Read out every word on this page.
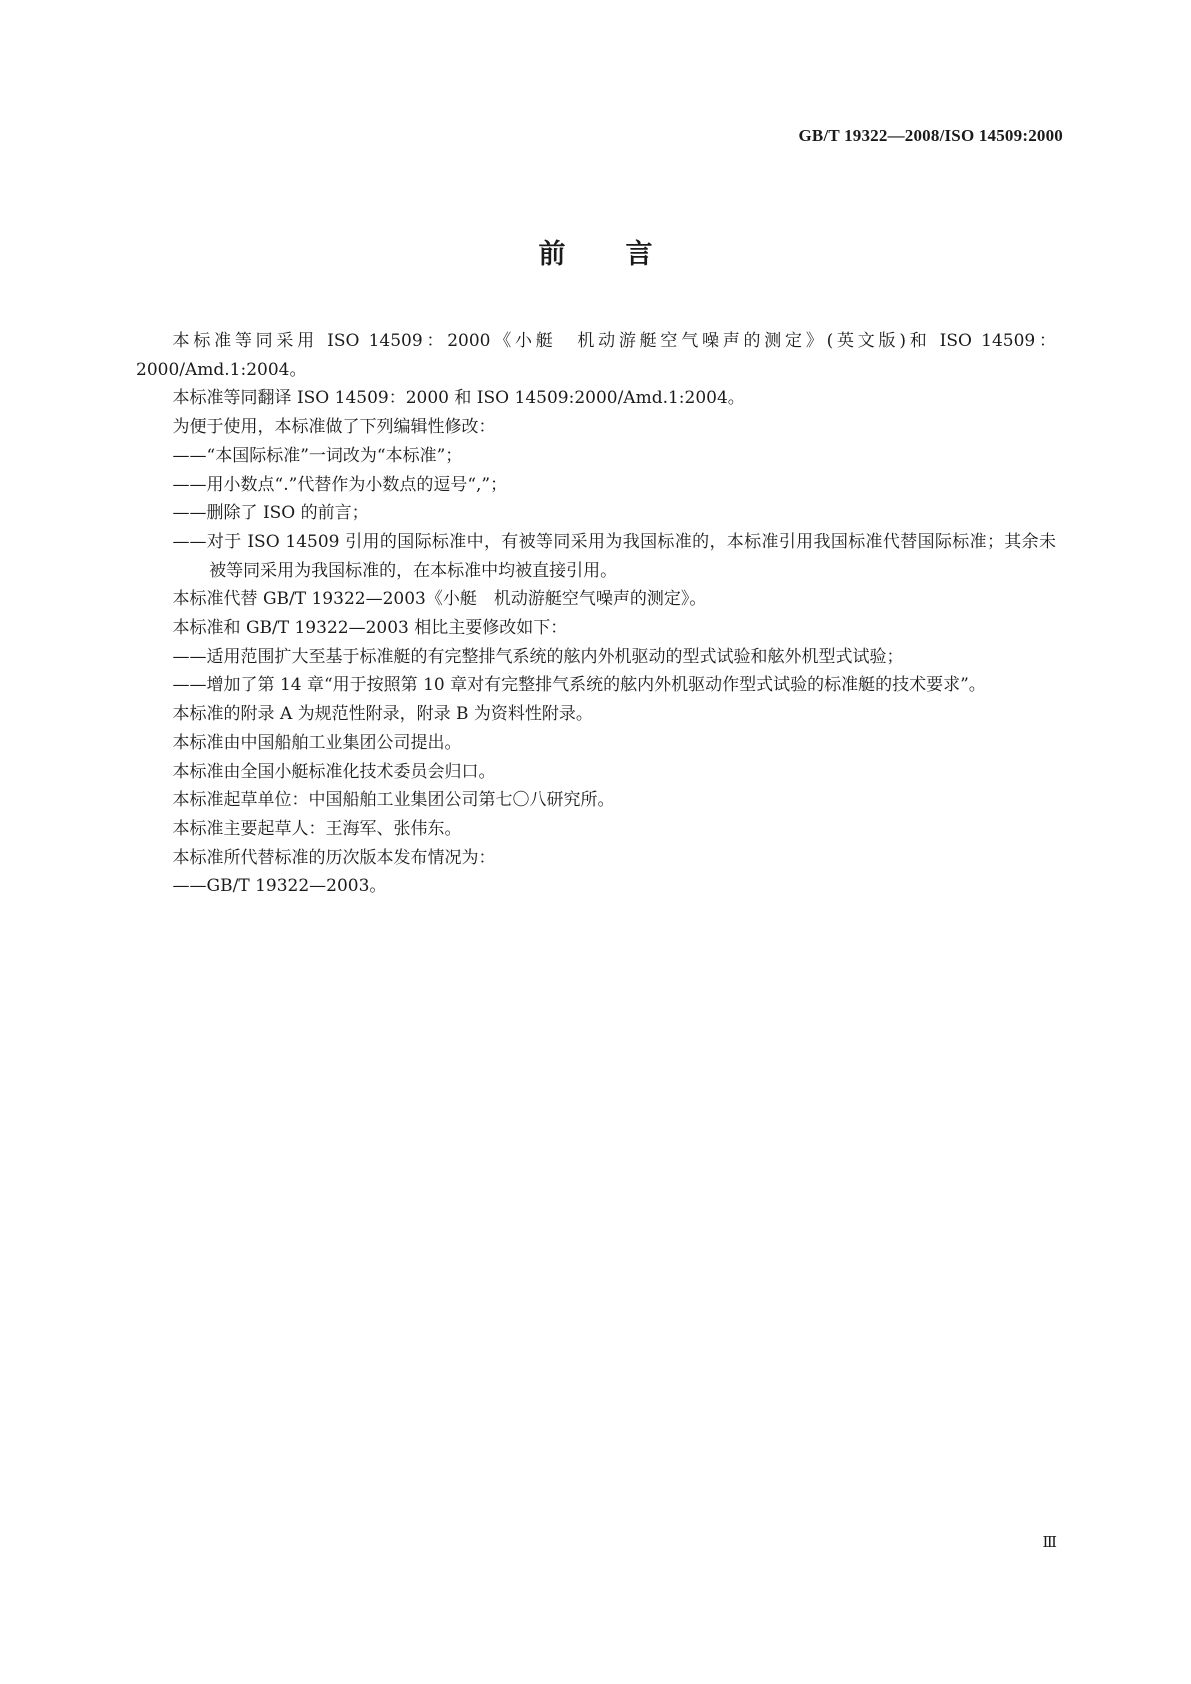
GB/T 19322—2008/ISO 14509:2000
前言

本标准等同采用 ISO 14509：2000《小艇　机动游艇空气噪声的测定》(英文版)和 ISO 14509：2000/Amd.1:2004。

本标准等同翻译 ISO 14509：2000 和 ISO 14509:2000/Amd.1:2004。

为便于使用，本标准做了下列编辑性修改：

——“本国际标准”一词改为“本标准”；

——用小数点“.”代替作为小数点的逗号“,”；

——删除了 ISO 的前言；

——对于 ISO 14509 引用的国际标准中，有被等同采用为我国标准的，本标准引用我国标准代替国际标准；其余未被等同采用为我国标准的，在本标准中均被直接引用。

本标准代替 GB/T 19322—2003《小艇　机动游艇空气噪声的测定》。

本标准和 GB/T 19322—2003 相比主要修改如下：

——适用范围扩大至基于标准艇的有完整排气系统的舷内外机驱动的型式试验和舷外机型式试验；

——增加了第 14 章“用于按照第 10 章对有完整排气系统的舷内外机驱动作型式试验的标准艇的技术要求”。

本标准的附录 A 为规范性附录，附录 B 为资料性附录。

本标准由中国船舶工业集团公司提出。

本标准由全国小艇标准化技术委员会归口。

本标准起草单位：中国船舶工业集团公司第七〇八研究所。

本标准主要起草人：王海军、张伟东。

本标准所代替标准的历次版本发布情况为：

——GB/T 19322—2003。

Ⅲ
